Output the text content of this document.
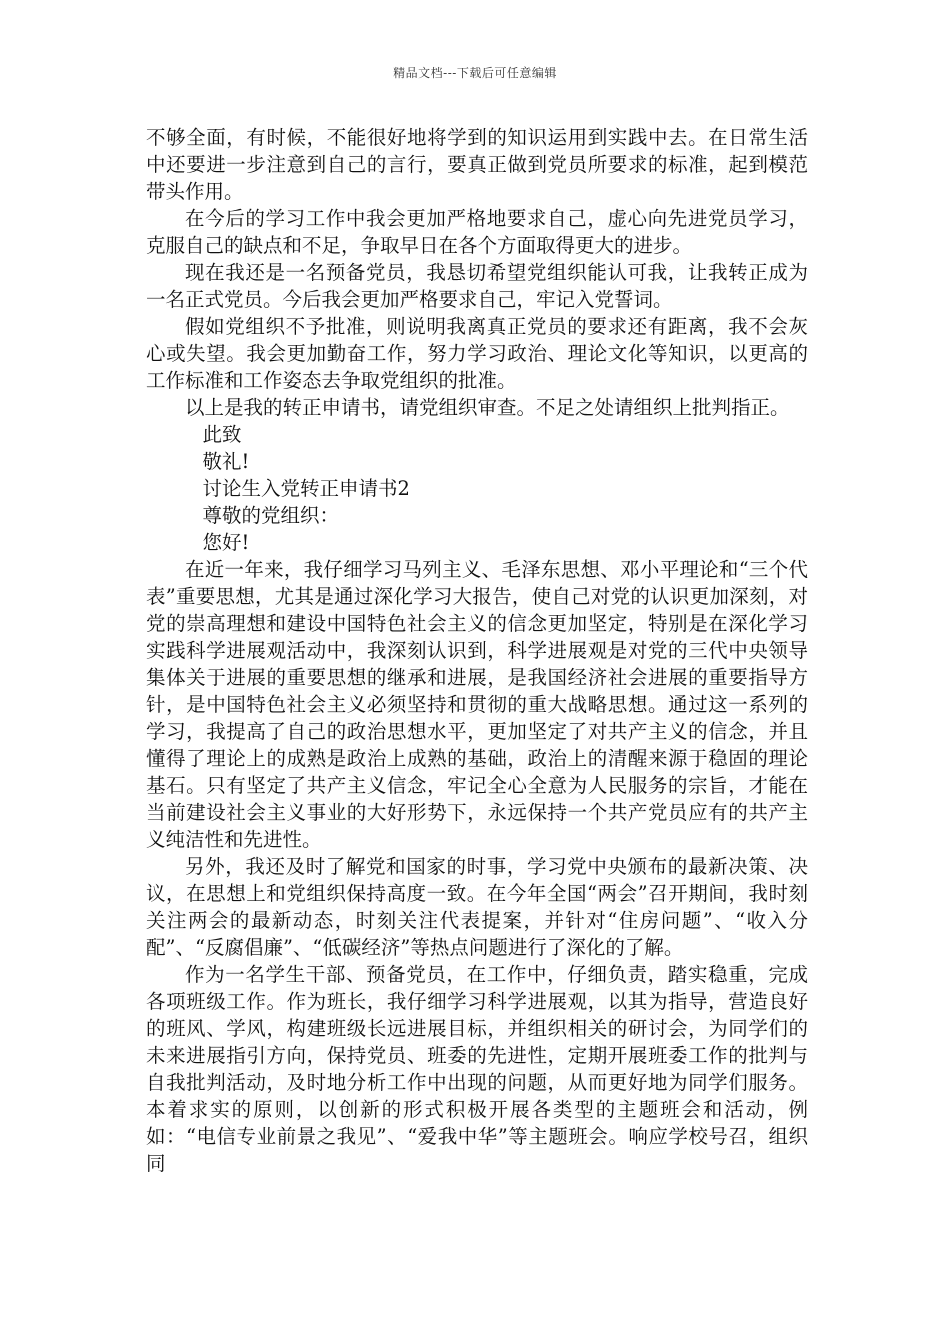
精品文档---下载后可任意编辑

不够全面，有时候，不能很好地将学到的知识运用到实践中去。在日常生活中还要进一步注意到自己的言行，要真正做到党员所要求的标准，起到模范带头作用。

在今后的学习工作中我会更加严格地要求自己，虚心向先进党员学习，克服自己的缺点和不足，争取早日在各个方面取得更大的进步。

现在我还是一名预备党员，我恳切希望党组织能认可我，让我转正成为一名正式党员。今后我会更加严格要求自己，牢记入党誓词。

假如党组织不予批准，则说明我离真正党员的要求还有距离，我不会灰心或失望。我会更加勤奋工作，努力学习政治、理论文化等知识，以更高的工作标准和工作姿态去争取党组织的批准。

以上是我的转正申请书，请党组织审查。不足之处请组织上批判指正。

此致

敬礼!

讨论生入党转正申请书2

尊敬的党组织：

您好!

在近一年来，我仔细学习马列主义、毛泽东思想、邓小平理论和“三个代表”重要思想，尤其是通过深化学习大报告，使自己对党的认识更加深刻，对党的崇高理想和建设中国特色社会主义的信念更加坚定，特别是在深化学习实践科学进展观活动中，我深刻认识到，科学进展观是对党的三代中央领导集体关于进展的重要思想的继承和进展，是我国经济社会进展的重要指导方针，是中国特色社会主义必须坚持和贯彻的重大战略思想。通过这一系列的学习，我提高了自己的政治思想水平，更加坚定了对共产主义的信念，并且懂得了理论上的成熟是政治上成熟的基础，政治上的清醒来源于稳固的理论基石。只有坚定了共产主义信念，牢记全心全意为人民服务的宗旨，才能在当前建设社会主义事业的大好形势下，永远保持一个共产党员应有的共产主义纯洁性和先进性。

另外，我还及时了解党和国家的时事，学习党中央颁布的最新决策、决议，在思想上和党组织保持高度一致。在今年全国“两会”召开期间，我时刻关注两会的最新动态，时刻关注代表提案，并针对“住房问题”、“收入分配”、“反腐倡廉”、“低碳经济”等热点问题进行了深化的了解。

作为一名学生干部、预备党员，在工作中，仔细负责，踏实稳重，完成各项班级工作。作为班长，我仔细学习科学进展观，以其为指导，营造良好的班风、学风，构建班级长远进展目标，并组织相关的研讨会，为同学们的未来进展指引方向，保持党员、班委的先进性，定期开展班委工作的批判与自我批判活动，及时地分析工作中出现的问题，从而更好地为同学们服务。本着求实的原则，以创新的形式积极开展各类型的主题班会和活动，例如：“电信专业前景之我见”、“爱我中华”等主题班会。响应学校号召，组织同
